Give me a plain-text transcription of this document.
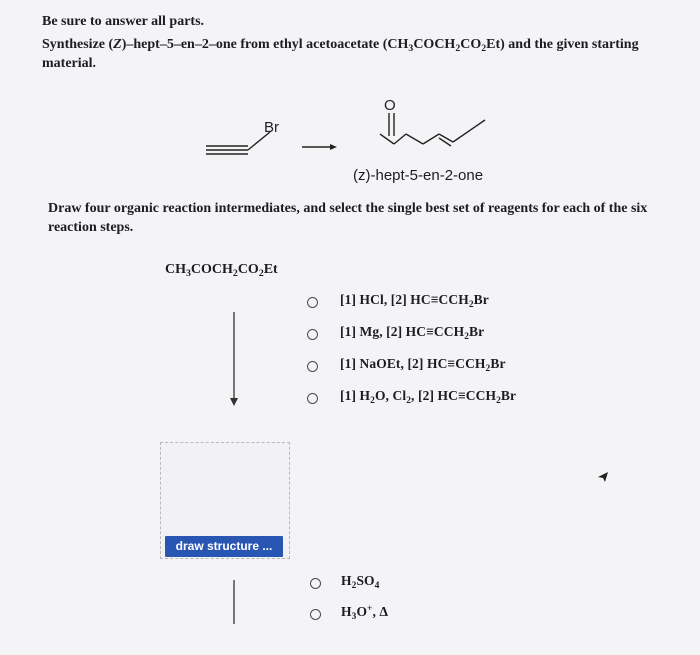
Be sure to answer all parts.
Synthesize (Z)–hept–5–en–2–one from ethyl acetoacetate $(CH_3COCH_2CO_2Et)$ and the given starting
material.
Br
O
(z)-hept-5-en-2-one
Draw four organic reaction intermediates, and select the single best set of reagents for each of the six
reaction steps.
$CH_3COCH_2CO_2Et$
[1] HCl, [2] $HC\equiv CCH_2Br$
[1] Mg, [2] $HC\equiv CCH_2Br$
[1] NaOEt, [2] $HC\equiv CCH_2Br$
[1] $H_2O$, $Cl_2$, [2] $HC\equiv CCH_2Br$
draw structure ...
$H_2SO_4$
$H_3O^+$, Δ
